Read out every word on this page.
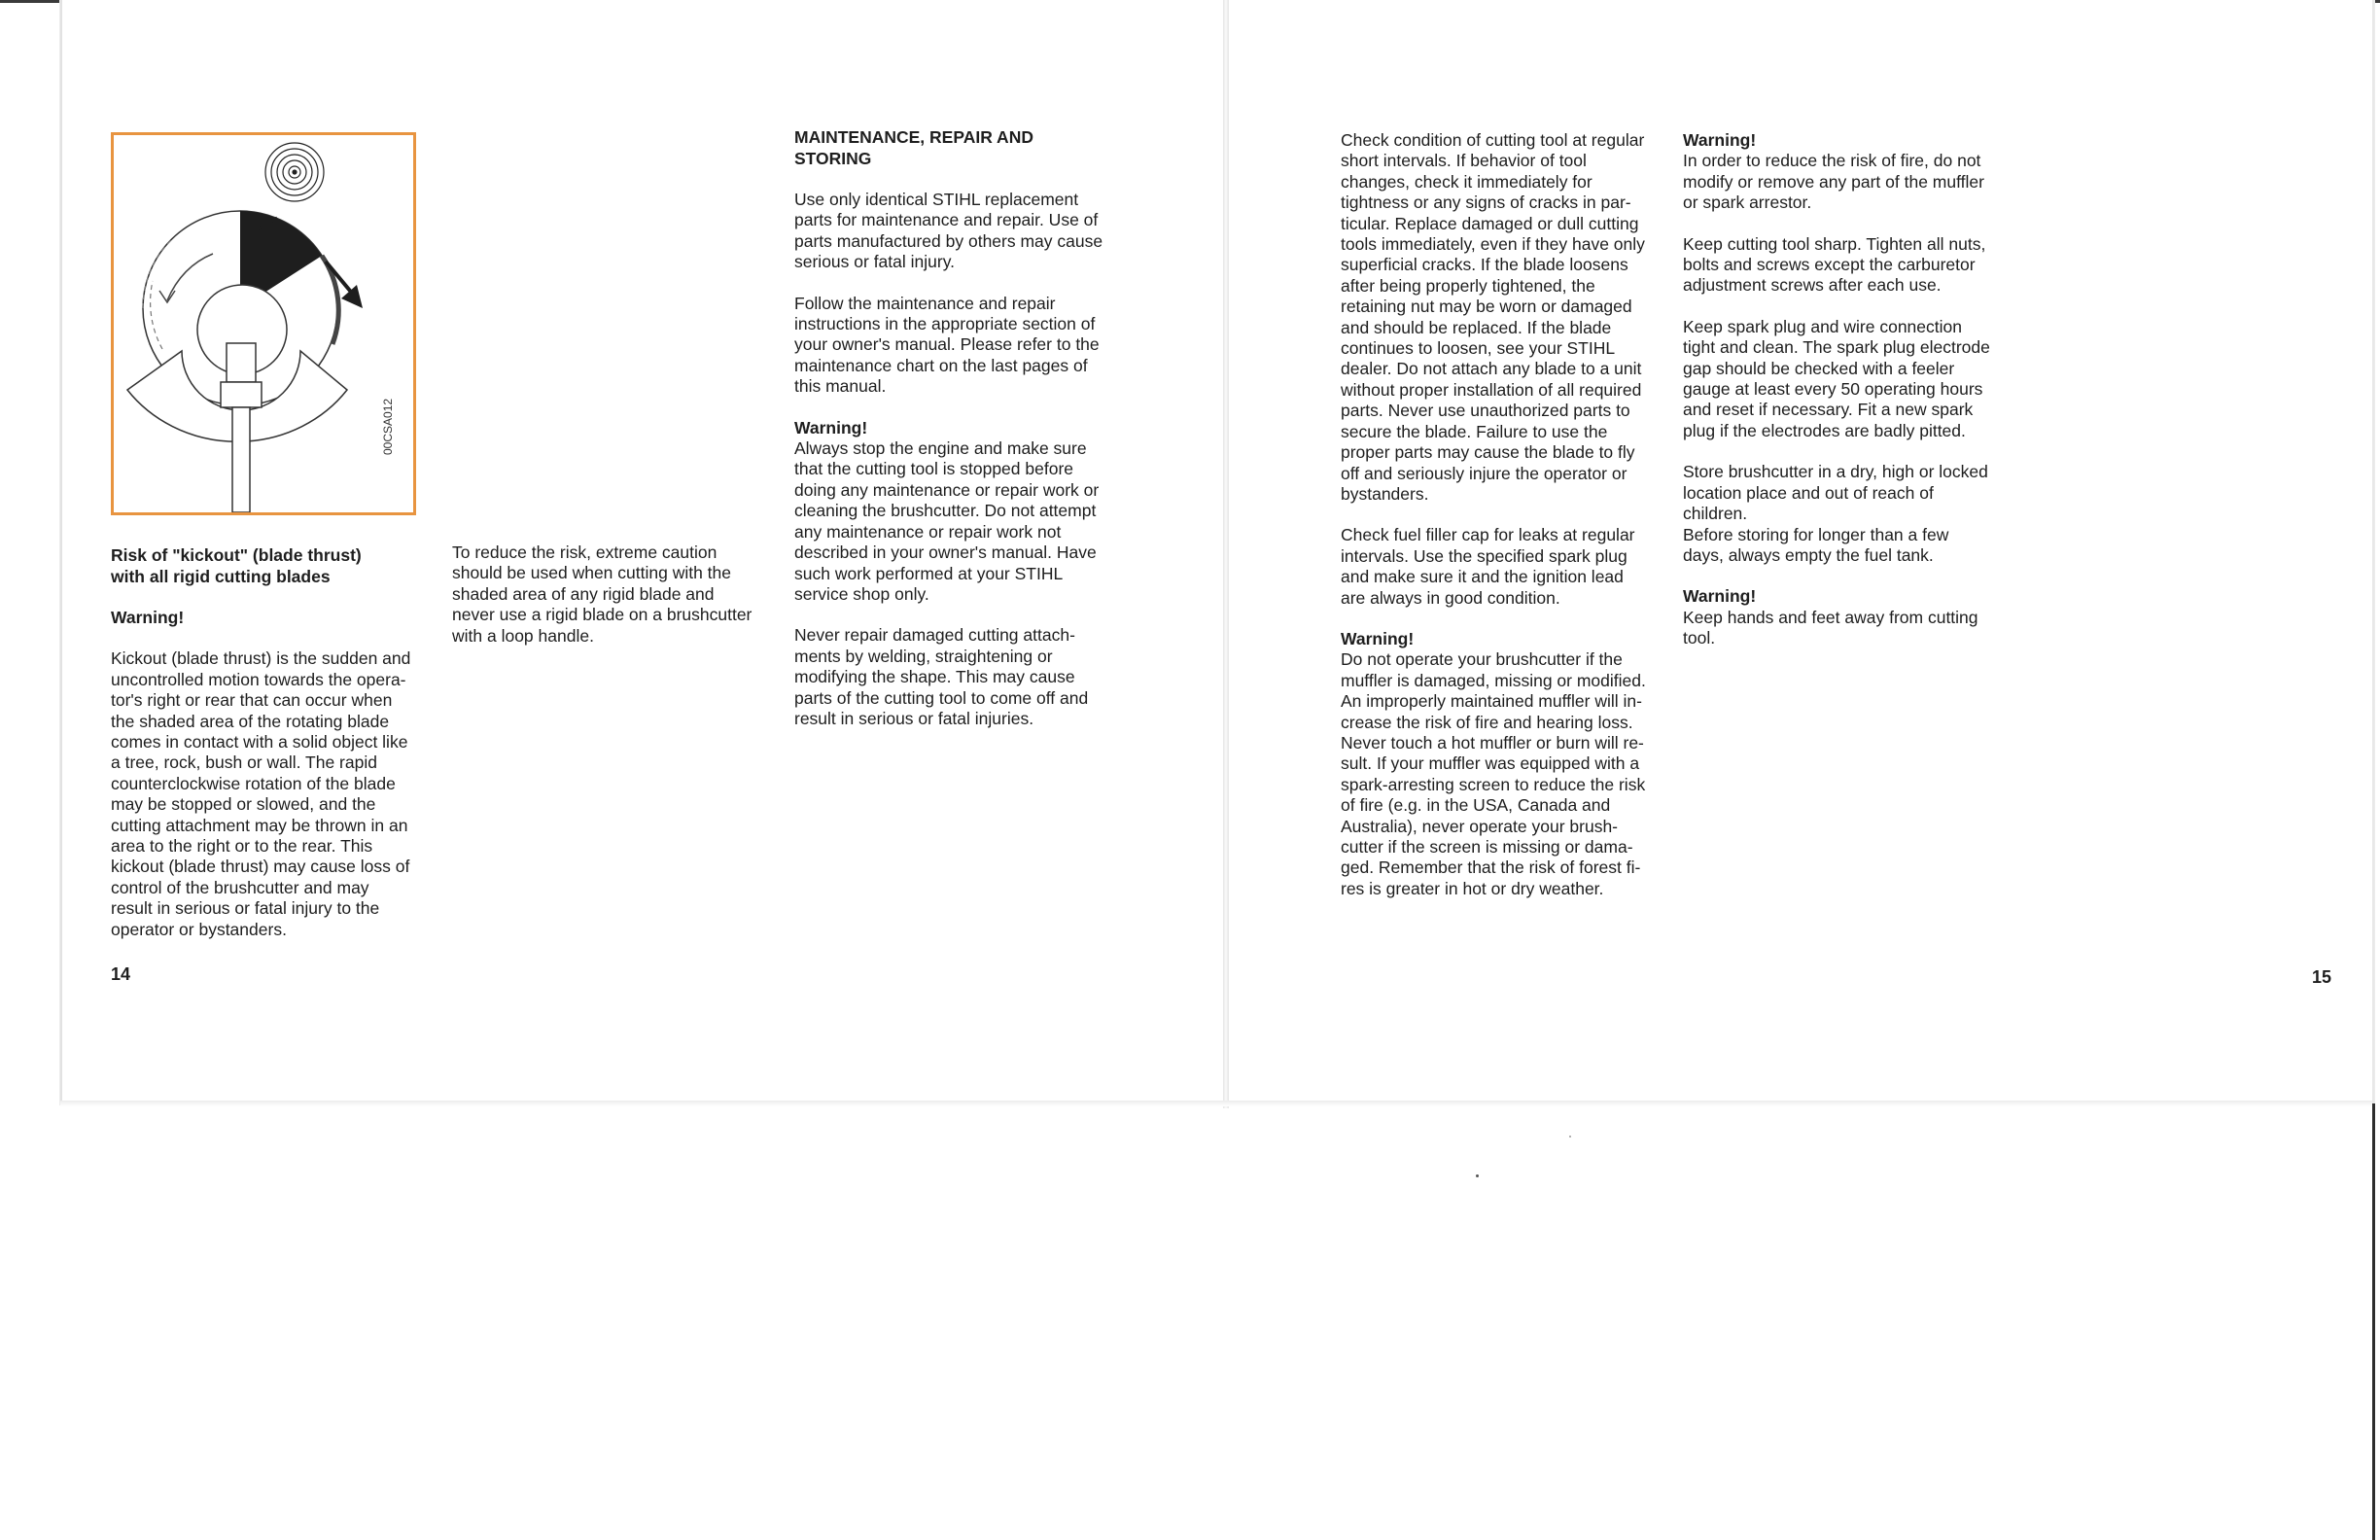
00CSA012
Risk of "kickout" (blade thrust) with all rigid cutting blades

Warning!

Kickout (blade thrust) is the sudden and uncontrolled motion towards the opera-tor's right or rear that can occur when the shaded area of the rotating blade comes in contact with a solid object like a tree, rock, bush or wall. The rapid counterclockwise rotation of the blade may be stopped or slowed, and the cutting attachment may be thrown in an area to the right or to the rear. This kickout (blade thrust) may cause loss of control of the brushcutter and may result in serious or fatal injury to the operator or bystanders.

To reduce the risk, extreme caution should be used when cutting with the shaded area of any rigid blade and never use a rigid blade on a brushcutter with a loop handle.

MAINTENANCE, REPAIR AND STORING

Use only identical STIHL replacement parts for maintenance and repair. Use of parts manufactured by others may cause serious or fatal injury.

Follow the maintenance and repair instructions in the appropriate section of your owner's manual. Please refer to the maintenance chart on the last pages of this manual.

Warning!

Always stop the engine and make sure that the cutting tool is stopped before doing any maintenance or repair work or cleaning the brushcutter. Do not attempt any maintenance or repair work not described in your owner's manual. Have such work performed at your STIHL service shop only.

Never repair damaged cutting attach-ments by welding, straightening or modifying the shape. This may cause parts of the cutting tool to come off and result in serious or fatal injuries.

14

Check condition of cutting tool at regular short intervals. If behavior of tool changes, check it immediately for tightness or any signs of cracks in par-ticular. Replace damaged or dull cutting tools immediately, even if they have only superficial cracks. If the blade loosens after being properly tightened, the retaining nut may be worn or damaged and should be replaced. If the blade continues to loosen, see your STIHL dealer. Do not attach any blade to a unit without proper installation of all required parts. Never use unauthorized parts to secure the blade. Failure to use the proper parts may cause the blade to fly off and seriously injure the operator or bystanders.

Check fuel filler cap for leaks at regular intervals. Use the specified spark plug and make sure it and the ignition lead are always in good condition.

Warning!

Do not operate your brushcutter if the muffler is damaged, missing or modified. An improperly maintained muffler will in-crease the risk of fire and hearing loss. Never touch a hot muffler or burn will re-sult. If your muffler was equipped with a spark-arresting screen to reduce the risk of fire (e.g. in the USA, Canada and Australia), never operate your brush-cutter if the screen is missing or dama-ged. Remember that the risk of forest fi-res is greater in hot or dry weather.

Warning!

In order to reduce the risk of fire, do not modify or remove any part of the muffler or spark arrestor.

Keep cutting tool sharp. Tighten all nuts, bolts and screws except the carburetor adjustment screws after each use.

Keep spark plug and wire connection tight and clean. The spark plug electrode gap should be checked with a feeler gauge at least every 50 operating hours and reset if necessary. Fit a new spark plug if the electrodes are badly pitted.

Store brushcutter in a dry, high or locked location place and out of reach of children.

Before storing for longer than a few days, always empty the fuel tank.

Warning!

Keep hands and feet away from cutting tool.

15
